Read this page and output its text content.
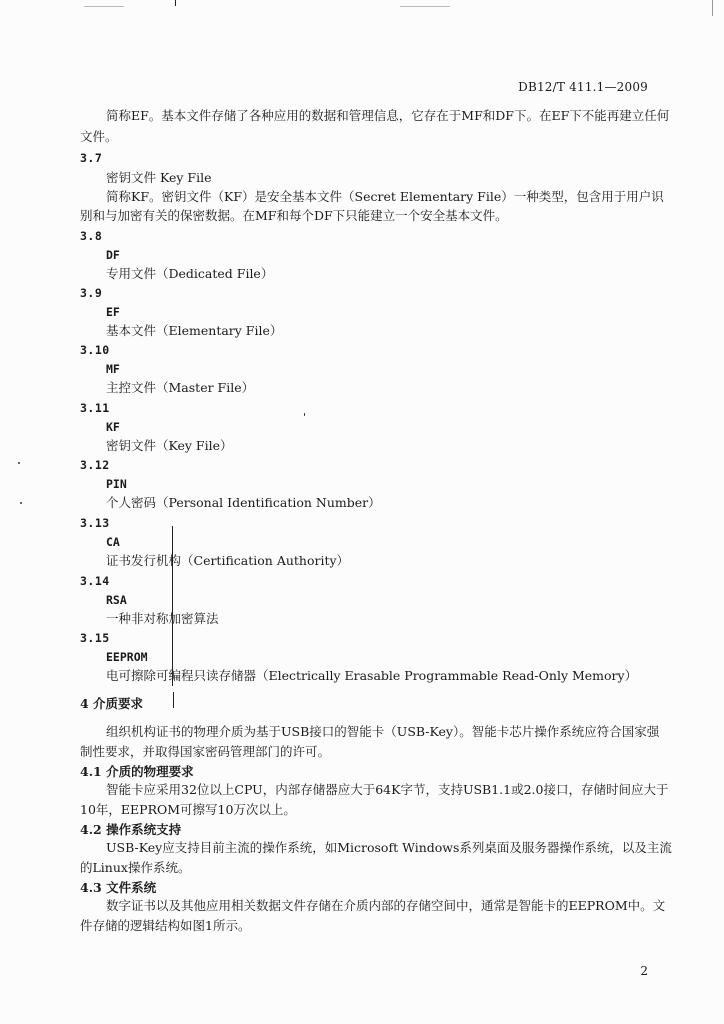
DB12/T 411.1—2009
简称EF。基本文件存储了各种应用的数据和管理信息，它存在于MF和DF下。在EF下不能再建立任何
文件。
3.7
密钥文件 Key File
简称KF。密钥文件（KF）是安全基本文件（Secret Elementary File）一种类型，包含用于用户识
别和与加密有关的保密数据。在MF和每个DF下只能建立一个安全基本文件。
3.8
DF
专用文件（Dedicated File）
3.9
EF
基本文件（Elementary File）
3.10
MF
主控文件（Master File）
3.11
KF
密钥文件（Key File）
3.12
PIN
个人密码（Personal Identification Number）
3.13
CA
证书发行机构（Certification Authority）
3.14
RSA
一种非对称加密算法
3.15
EEPROM
电可擦除可编程只读存储器（Electrically Erasable Programmable Read-Only Memory）
4 介质要求
组织机构证书的物理介质为基于USB接口的智能卡（USB-Key）。智能卡芯片操作系统应符合国家强
制性要求，并取得国家密码管理部门的许可。
4.1 介质的物理要求
智能卡应采用32位以上CPU，内部存储器应大于64K字节，支持USB1.1或2.0接口，存储时间应大于
10年，EEPROM可擦写10万次以上。
4.2 操作系统支持
USB-Key应支持目前主流的操作系统，如Microsoft Windows系列桌面及服务器操作系统，以及主流
的Linux操作系统。
4.3 文件系统
数字证书以及其他应用相关数据文件存储在介质内部的存储空间中，通常是智能卡的EEPROM中。文
件存储的逻辑结构如图1所示。
2
